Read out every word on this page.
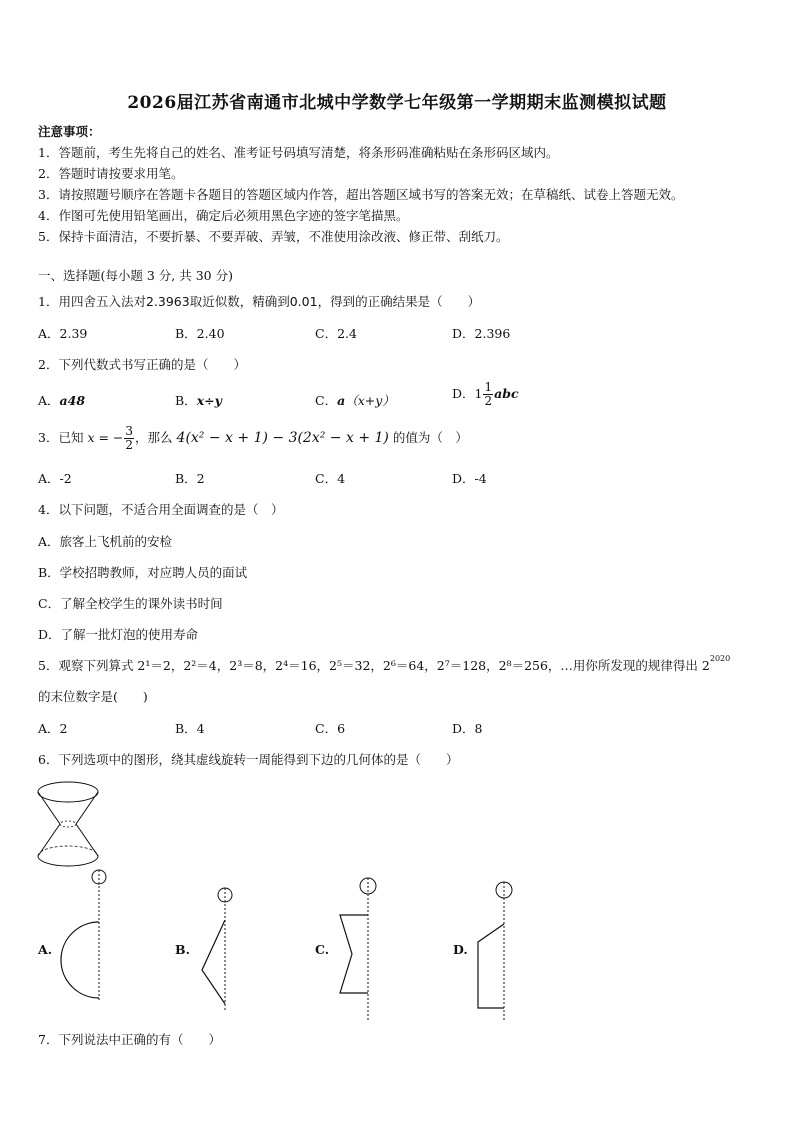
2026届江苏省南通市北城中学数学七年级第一学期期末监测模拟试题
注意事项：
1．答题前，考生先将自己的姓名、准考证号码填写清楚，将条形码准确粘贴在条形码区域内。
2．答题时请按要求用笔。
3．请按照题号顺序在答题卡各题目的答题区域内作答，超出答题区域书写的答案无效；在草稿纸、试卷上答题无效。
4．作图可先使用铅笔画出，确定后必须用黑色字迹的签字笔描黑。
5．保持卡面清洁，不要折暴、不要弄破、弄皱，不准使用涂改液、修正带、刮纸刀。
一、选择题(每小题 3 分, 共 30 分)
1．用四舍五入法对2.3963取近似数，精确到0.01，得到的正确结果是（　　）
A．2.39	B．2.40	C．2.4	D．2.396
2．下列代数式书写正确的是（　　）
A．a48	B．x÷y	C．a（x+y）	D．$1 \frac{1}{2}$ abc
3．已知 x = − $\frac{3}{2}$ ，那么 4(x² − x + 1) − 3(2x² − x + 1) 的值为（　）
A．-2	B．2	C．4	D．-4
4．以下问题，不适合用全面调查的是（　）
A．旅客上飞机前的安检
B．学校招聘教师，对应聘人员的面试
C．了解全校学生的课外读书时间
D．了解一批灯泡的使用寿命
5．观察下列算式 2¹＝2，2²＝4，2³＝8，2⁴＝16，2⁵＝32，2⁶＝64，2⁷＝128，2⁸＝256，…用你所发现的规律得出 $2^{2020}$
的末位数字是(　　)
A．2	B．4	C．6	D．8
6．下列选项中的图形，绕其虚线旋转一周能得到下边的几何体的是（　　）
A.	B.	C.	D.
7．下列说法中正确的有（　　）
